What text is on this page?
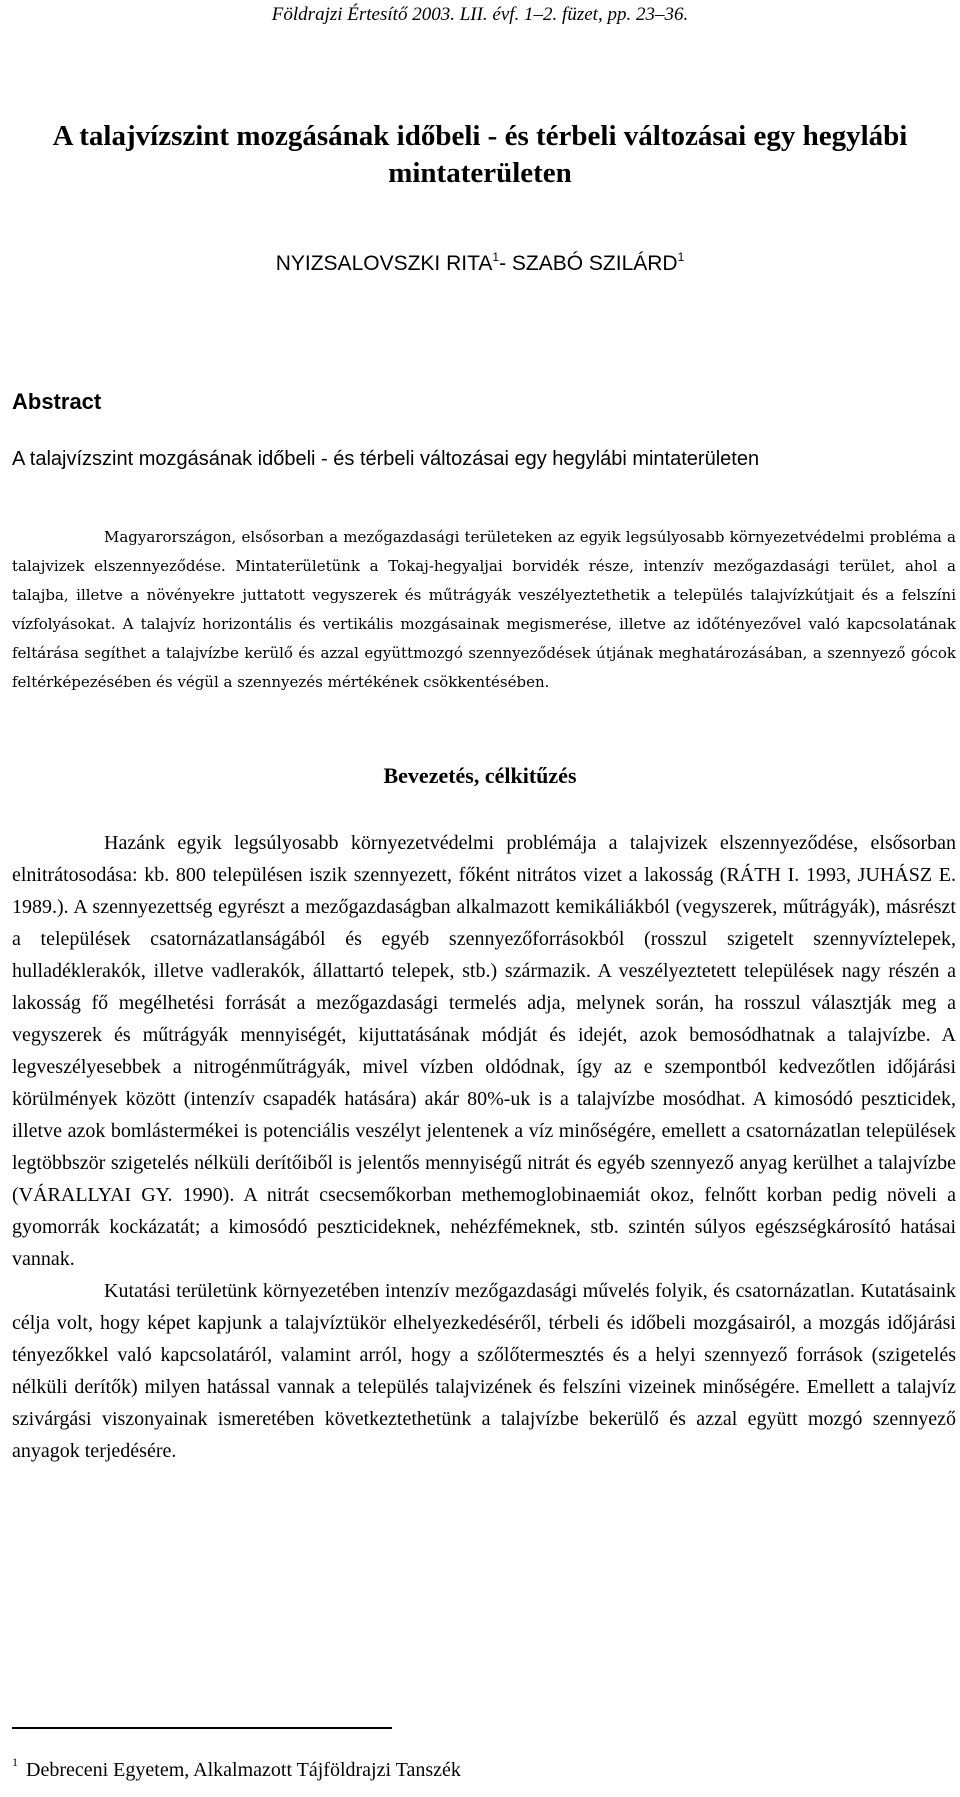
Földrajzi Értesítő 2003. LII. évf. 1–2. füzet, pp. 23–36.
A talajvízszint mozgásának időbeli - és térbeli változásai egy hegylábi mintaterületen
NYIZSALOVSZKI RITA$^1$- SZABÓ SZILÁRD$^1$
Abstract
A talajvízszint mozgásának időbeli - és térbeli változásai egy hegylábi mintaterületen

Magyarországon, elsősorban a mezőgazdasági területeken az egyik legsúlyosabb környezetvédelmi probléma a talajvizek elszennyeződése. Mintaterületünk a Tokaj-hegyaljai borvidék része, intenzív mezőgazdasági terület, ahol a talajba, illetve a növényekre juttatott vegyszerek és műtrágyák veszélyeztethetik a település talajvízkútjait és a felszíni vízfolyásokat. A talajvíz horizontális és vertikális mozgásainak megismerése, illetve az időtényezővel való kapcsolatának feltárása segíthet a talajvízbe kerülő és azzal együttmozgó szennyeződések útjának meghatározásában, a szennyező gócok feltérképezésében és végül a szennyezés mértékének csökkentésében.

Bevezetés, célkitűzés

Hazánk egyik legsúlyosabb környezetvédelmi problémája a talajvizek elszennyeződése, elsősorban elnitrátosodása: kb. 800 településen iszik szennyezett, főként nitrátos vizet a lakosság (RÁTH I. 1993, JUHÁSZ E. 1989.). A szennyezettség egyrészt a mezőgazdaságban alkalmazott kemikáliákból (vegyszerek, műtrágyák), másrészt a települések csatornázatlanságából és egyéb szennyezőforrásokból (rosszul szigetelt szennyvíztelepek, hulladéklerakók, illetve vadlerakók, állattartó telepek, stb.) származik. A veszélyeztetett települések nagy részén a lakosság fő megélhetési forrását a mezőgazdasági termelés adja, melynek során, ha rosszul választják meg a vegyszerek és műtrágyák mennyiségét, kijuttatásának módját és idejét, azok bemosódhatnak a talajvízbe. A legveszélyesebbek a nitrogénműtrágyák, mivel vízben oldódnak, így az e szempontból kedvezőtlen időjárási körülmények között (intenzív csapadék hatására) akár 80%-uk is a talajvízbe mosódhat. A kimosódó peszticidek, illetve azok bomlástermékei is potenciális veszélyt jelentenek a víz minőségére, emellett a csatornázatlan települések legtöbbször szigetelés nélküli derítőiből is jelentős mennyiségű nitrát és egyéb szennyező anyag kerülhet a talajvízbe (VÁRALLYAI GY. 1990). A nitrát csecsemőkorban methemoglobinaemiát okoz, felnőtt korban pedig növeli a gyomorrák kockázatát; a kimosódó peszticideknek, nehézfémeknek, stb. szintén súlyos egészségkárosító hatásai vannak.

Kutatási területünk környezetében intenzív mezőgazdasági művelés folyik, és csatornázatlan. Kutatásaink célja volt, hogy képet kapjunk a talajvíztükör elhelyezkedéséről, térbeli és időbeli mozgásairól, a mozgás időjárási tényezőkkel való kapcsolatáról, valamint arról, hogy a szőlőtermesztés és a helyi szennyező források (szigetelés nélküli derítők) milyen hatással vannak a település talajvizének és felszíni vizeinek minőségére. Emellett a talajvíz szivárgási viszonyainak ismeretében következtethetünk a talajvízbe bekerülő és azzal együtt mozgó szennyező anyagok terjedésére.

$^1$ Debreceni Egyetem, Alkalmazott Tájföldrajzi Tanszék
